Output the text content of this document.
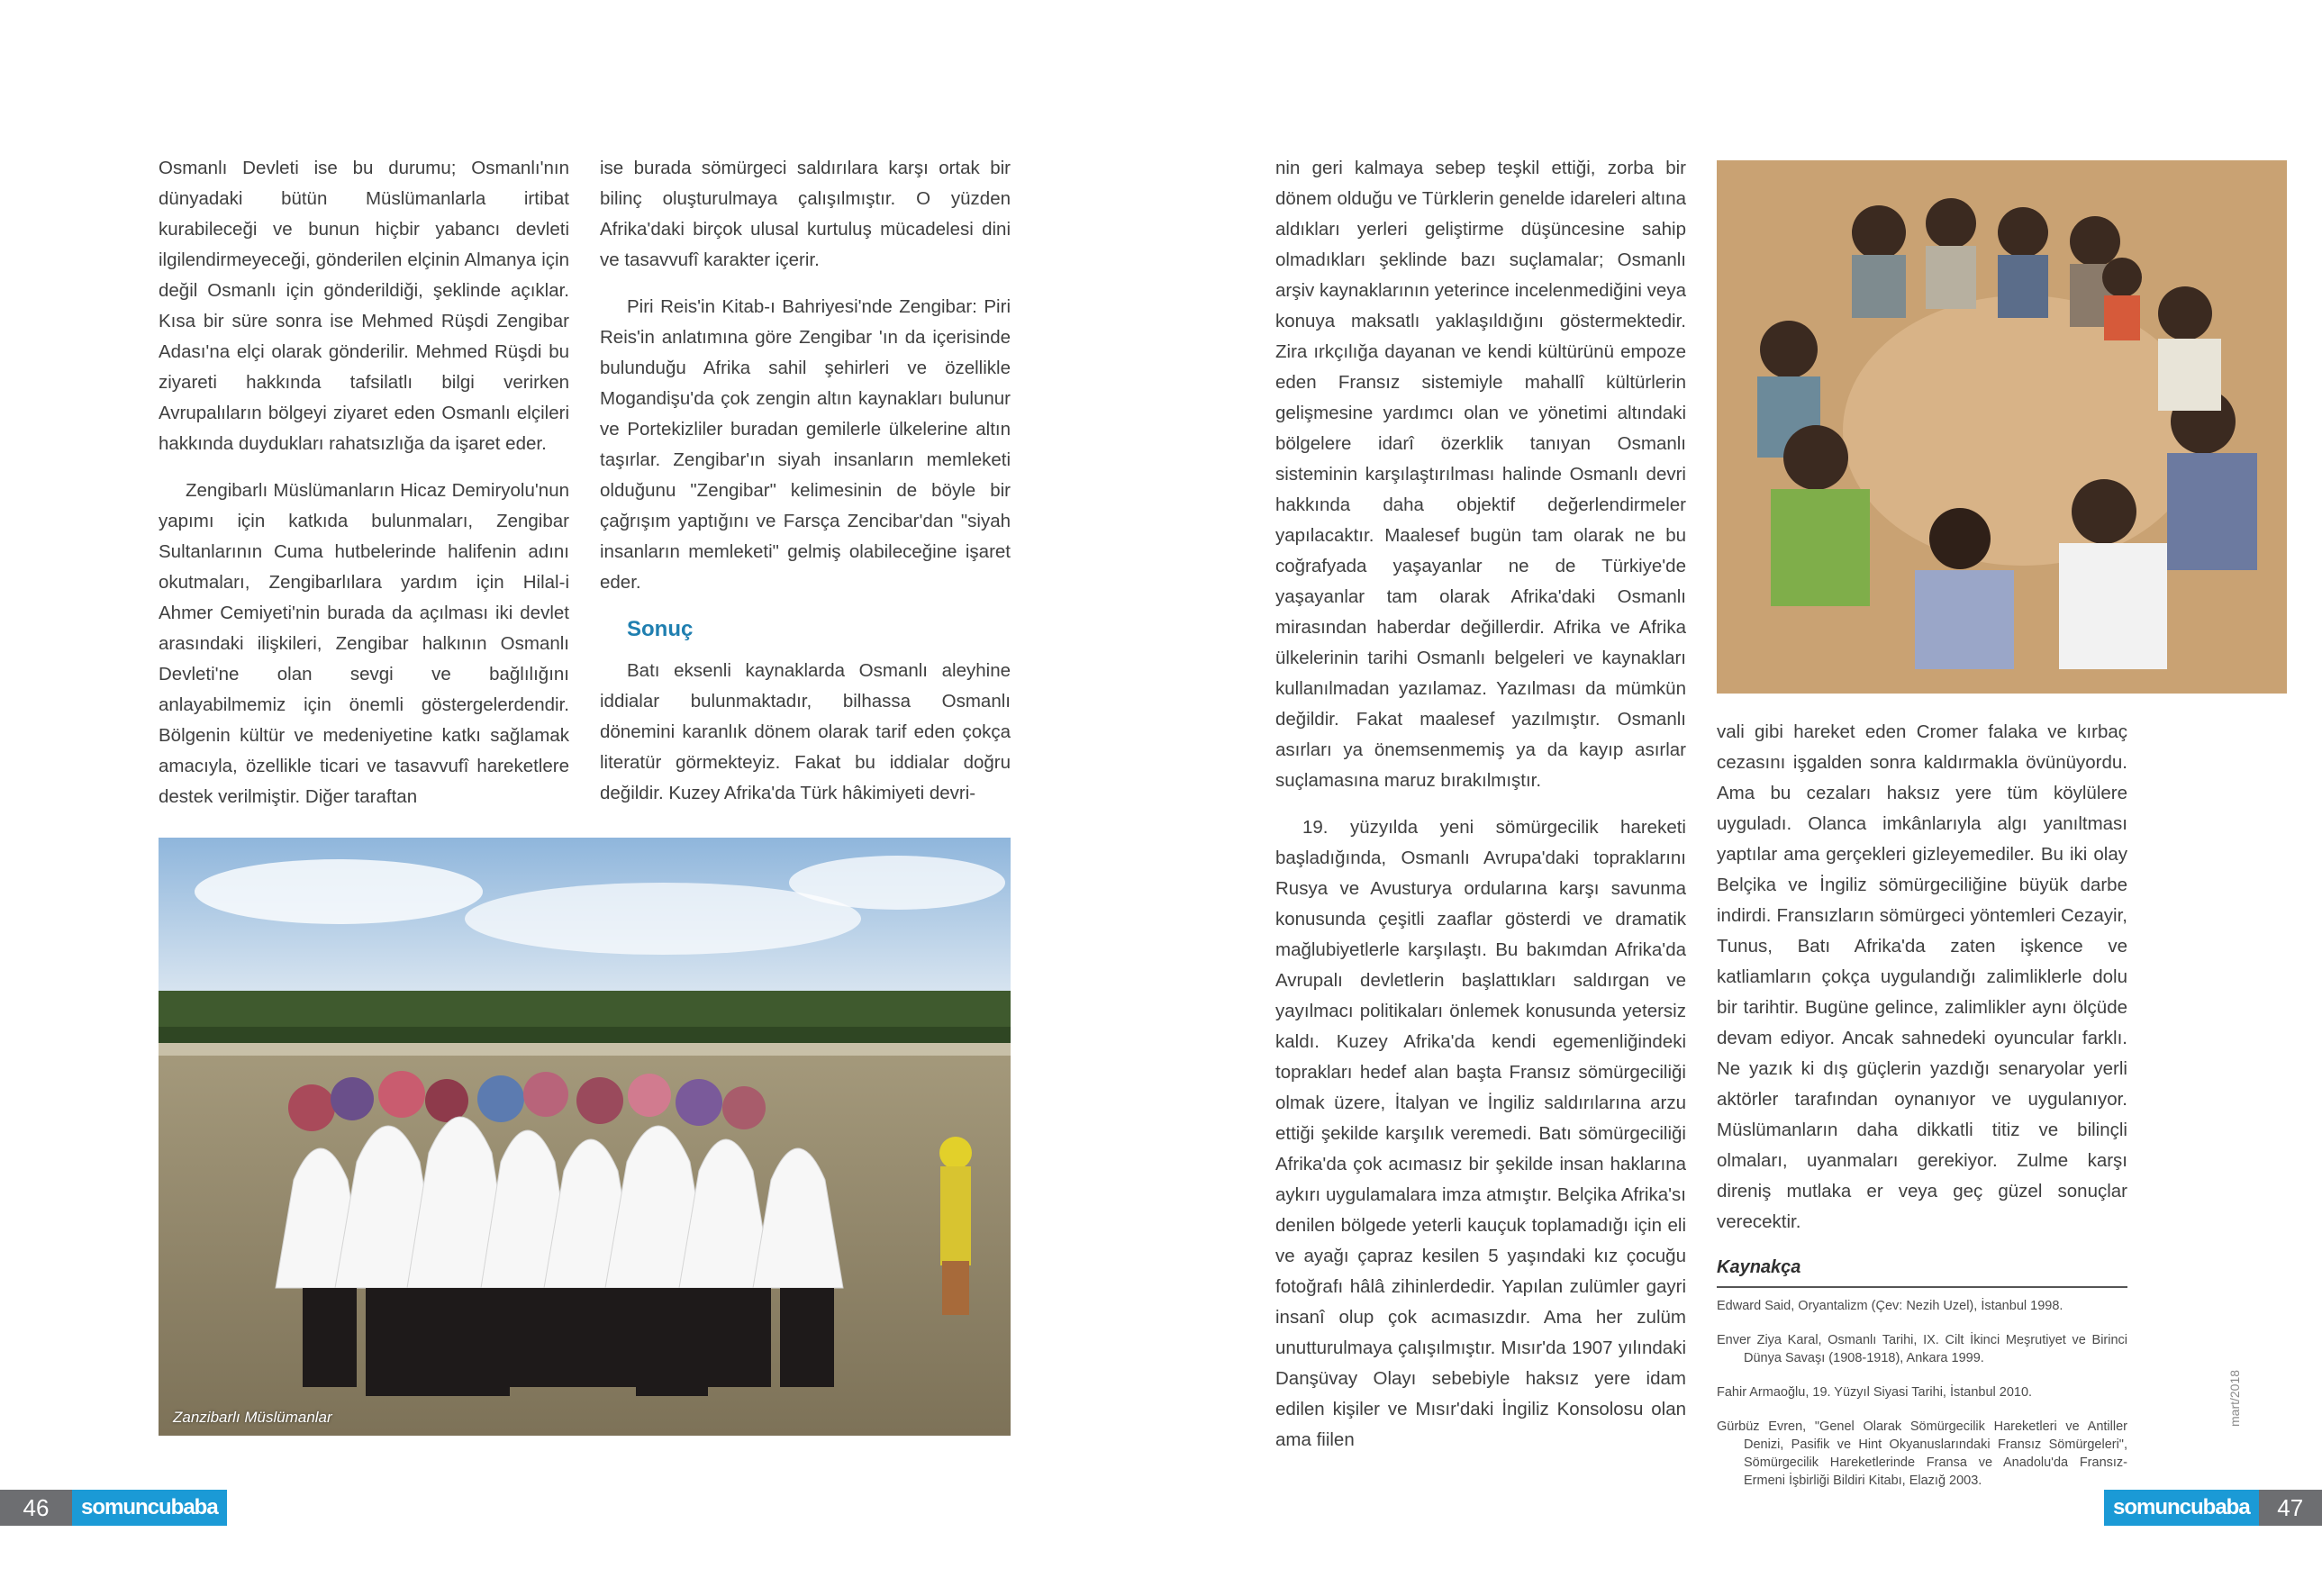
Osmanlı Devleti ise bu durumu; Osmanlı'nın dünyadaki bütün Müslümanlarla irtibat kurabileceği ve bunun hiçbir yabancı devleti ilgilendirmeyeceği, gönderilen elçinin Almanya için değil Osmanlı için gönderildiği, şeklinde açıklar. Kısa bir süre sonra ise Mehmed Rüşdi Zengibar Adası'na elçi olarak gönderilir. Mehmed Rüşdi bu ziyareti hakkında tafsilatlı bilgi verirken Avrupalıların bölgeyi ziyaret eden Osmanlı elçileri hakkında duydukları rahatsızlığa da işaret eder.

Zengibarlı Müslümanların Hicaz Demiryolu'nun yapımı için katkıda bulunmaları, Zengibar Sultanlarının Cuma hutbelerinde halifenin adını okutmaları, Zengibarlılara yardım için Hilal-i Ahmer Cemiyeti'nin burada da açılması iki devlet arasındaki ilişkileri, Zengibar halkının Osmanlı Devleti'ne olan sevgi ve bağlılığını anlayabilmemiz için önemli göstergelerdendir. Bölgenin kültür ve medeniyetine katkı sağlamak amacıyla, özellikle ticari ve tasavvufî hareketlere destek verilmiştir. Diğer taraftan

ise burada sömürgeci saldırılara karşı ortak bir bilinç oluşturulmaya çalışılmıştır. O yüzden Afrika'daki birçok ulusal kurtuluş mücadelesi dini ve tasavvufî karakter içerir.

Piri Reis'in Kitab-ı Bahriyesi'nde Zengibar: Piri Reis'in anlatımına göre Zengibar 'ın da içerisinde bulunduğu Afrika sahil şehirleri ve özellikle Mogandişu'da çok zengin altın kaynakları bulunur ve Portekizliler buradan gemilerle ülkelerine altın taşırlar. Zengibar'ın siyah insanların memleketi olduğunu "Zengibar" kelimesinin de böyle bir çağrışım yaptığını ve Farsça Zencibar'dan "siyah insanların memleketi" gelmiş olabileceğine işaret eder.

Sonuç

Batı eksenli kaynaklarda Osmanlı aleyhine iddialar bulunmaktadır, bilhassa Osmanlı dönemini karanlık dönem olarak tarif eden çokça literatür görmekteyiz. Fakat bu iddialar doğru değildir. Kuzey Afrika'da Türk hâkimiyeti devri-

Zanzibarlı Müslümanlar
46	somuncubaba

nin geri kalmaya sebep teşkil ettiği, zorba bir dönem olduğu ve Türklerin genelde idareleri altına aldıkları yerleri geliştirme düşüncesine sahip olmadıkları şeklinde bazı suçlamalar; Osmanlı arşiv kaynaklarının yeterince incelenmediğini veya konuya maksatlı yaklaşıldığını göstermektedir. Zira ırkçılığa dayanan ve kendi kültürünü empoze eden Fransız sistemiyle mahallî kültürlerin gelişmesine yardımcı olan ve yönetimi altındaki bölgelere idarî özerklik tanıyan Osmanlı sisteminin karşılaştırılması halinde Osmanlı devri hakkında daha objektif değerlendirmeler yapılacaktır. Maalesef bugün tam olarak ne bu coğrafyada yaşayanlar ne de Türkiye'de yaşayanlar tam olarak Afrika'daki Osmanlı mirasından haberdar değillerdir. Afrika ve Afrika ülkelerinin tarihi Osmanlı belgeleri ve kaynakları kullanılmadan yazılamaz. Yazılması da mümkün değildir. Fakat maalesef yazılmıştır. Osmanlı asırları ya önemsenmemiş ya da kayıp asırlar suçlamasına maruz bırakılmıştır.

19. yüzyılda yeni sömürgecilik hareketi başladığında, Osmanlı Avrupa'daki topraklarını Rusya ve Avusturya ordularına karşı savunma konusunda çeşitli zaaflar gösterdi ve dramatik mağlubiyetlerle karşılaştı. Bu bakımdan Afrika'da Avrupalı devletlerin başlattıkları saldırgan ve yayılmacı politikaları önlemek konusunda yetersiz kaldı. Kuzey Afrika'da kendi egemenliğindeki toprakları hedef alan başta Fransız sömürgeciliği olmak üzere, İtalyan ve İngiliz saldırılarına arzu ettiği şekilde karşılık veremedi. Batı sömürgeciliği Afrika'da çok acımasız bir şekilde insan haklarına aykırı uygulamalara imza atmıştır. Belçika Afrika'sı denilen bölgede yeterli kauçuk toplamadığı için eli ve ayağı çapraz kesilen 5 yaşındaki kız çocuğu fotoğrafı hâlâ zihinlerdedir. Yapılan zulümler gayri insanî olup çok acımasızdır. Ama her zulüm unutturulmaya çalışılmıştır. Mısır'da 1907 yılındaki Danşüvay Olayı sebebiyle haksız yere idam edilen kişiler ve Mısır'daki İngiliz Konsolosu olan ama fiilen

vali gibi hareket eden Cromer falaka ve kırbaç cezasını işgalden sonra kaldırmakla övünüyordu. Ama bu cezaları haksız yere tüm köylülere uyguladı. Olanca imkânlarıyla algı yanıltması yaptılar ama gerçekleri gizleyemediler. Bu iki olay Belçika ve İngiliz sömürgeciliğine büyük darbe indirdi. Fransızların sömürgeci yöntemleri Cezayir, Tunus, Batı Afrika'da zaten işkence ve katliamların çokça uygulandığı zalimliklerle dolu bir tarihtir. Bugüne gelince, zalimlikler aynı ölçüde devam ediyor. Ancak sahnedeki oyuncular farklı. Ne yazık ki dış güçlerin yazdığı senaryolar yerli aktörler tarafından oynanıyor ve uygulanıyor. Müslümanların daha dikkatli titiz ve bilinçli olmaları, uyanmaları gerekiyor. Zulme karşı direniş mutlaka er veya geç güzel sonuçlar verecektir.

Kaynakça

Edward Said, Oryantalizm (Çev: Nezih Uzel), İstanbul 1998.

Enver Ziya Karal, Osmanlı Tarihi, IX. Cilt İkinci Meşrutiyet ve Birinci Dünya Savaşı (1908-1918), Ankara 1999.

Fahir Armaoğlu, 19. Yüzyıl Siyasi Tarihi, İstanbul 2010.

Gürbüz Evren, "Genel Olarak Sömürgecilik Hareketleri ve Antiller Denizi, Pasifik ve Hint Okyanuslarındaki Fransız Sömürgeleri", Sömürgecilik Hareketlerinde Fransa ve Anadolu'da Fransız-Ermeni İşbirliği Bildiri Kitabı, Elazığ 2003.

mart/2018
somuncubaba	47
